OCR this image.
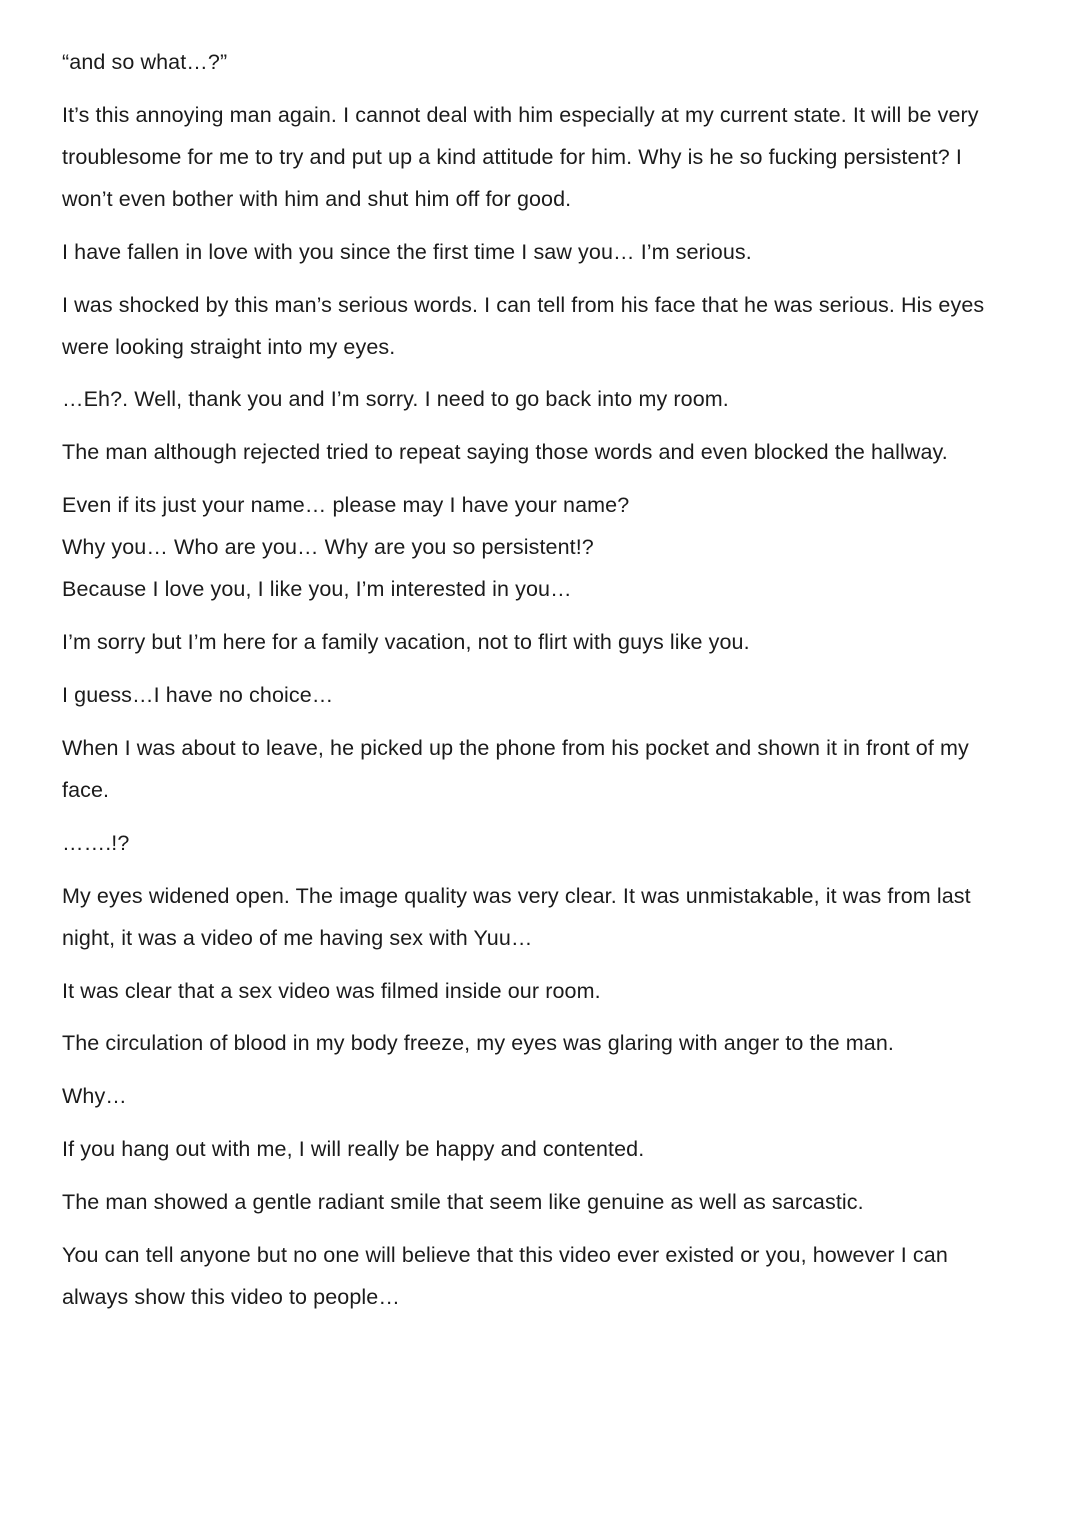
“and so what…?”

It’s this annoying man again. I cannot deal with him especially at my current state. It will be very troublesome for me to try and put up a kind attitude for him. Why is he so fucking persistent? I won’t even bother with him and shut him off for good.

I have fallen in love with you since the first time I saw you… I’m serious.

I was shocked by this man’s serious words. I can tell from his face that he was serious. His eyes were looking straight into my eyes.

…Eh?. Well, thank you and I’m sorry. I need to go back into my room.

The man although rejected tried to repeat saying those words and even blocked the hallway.

Even if its just your name… please may I have your name?

Why you… Who are you… Why are you so persistent!?

Because I love you, I like you, I’m interested in you…

I’m sorry but I’m here for a family vacation, not to flirt with guys like you.

I guess…I have no choice…

When I was about to leave, he picked up the phone from his pocket and shown it in front of my face.

…….!?

My eyes widened open. The image quality was very clear. It was unmistakable, it was from last night, it was a video of me having sex with Yuu…

It was clear that a sex video was filmed inside our room.

The circulation of blood in my body freeze, my eyes was glaring with anger to the man.

Why…

If you hang out with me, I will really be happy and contented.

The man showed a gentle radiant smile that seem like genuine as well as sarcastic.

You can tell anyone but no one will believe that this video ever existed or you, however I can always show this video to people…
